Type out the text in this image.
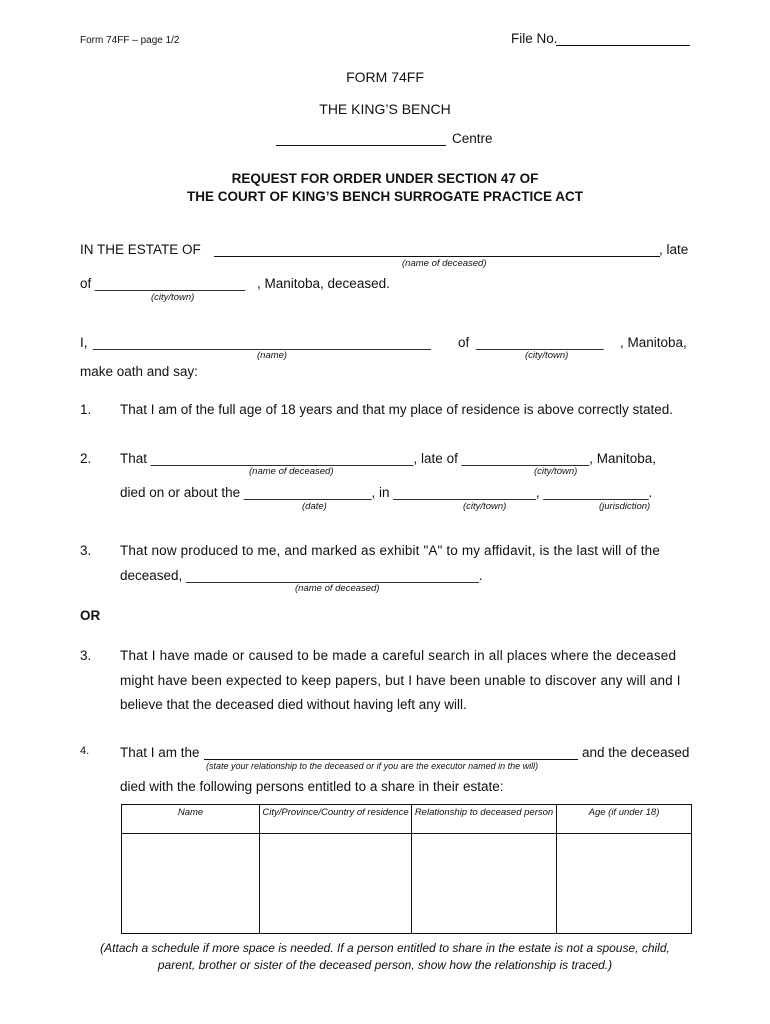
Form 74FF – page 1/2	File No.
FORM 74FF
THE KING’S BENCH
Centre
REQUEST FOR ORDER UNDER SECTION 47 OF
THE COURT OF KING’S BENCH SURROGATE PRACTICE ACT
IN THE ESTATE OF	, late
(name of deceased)
of ____________________ , Manitoba, deceased.
(city/town)
I, _____________________________________________ of _________________ , Manitoba,
(name)	(city/town)
make oath and say:
1. That I am of the full age of 18 years and that my place of residence is above correctly stated.
2. That ___________________________________, late of _________________, Manitoba,
(name of deceased)	(city/town)
died on or about the _________________, in ___________________, ______________.
(date)	(city/town)	(jurisdiction)
3. That now produced to me, and marked as exhibit "A" to my affidavit, is the last will of the
deceased, _______________________________________.
(name of deceased)
OR
3. That I have made or caused to be made a careful search in all places where the deceased
might have been expected to keep papers, but I have been unable to discover any will and I
believe that the deceased died without having left any will.
4. That I am the	and the deceased
(state your relationship to the deceased or if you are the executor named in the will)
died with the following persons entitled to a share in their estate:
Name	City/Province/Country of residence	Relationship to deceased person	Age (if under 18)

(Attach a schedule if more space is needed. If a person entitled to share in the estate is not a spouse, child,
parent, brother or sister of the deceased person, show how the relationship is traced.)
